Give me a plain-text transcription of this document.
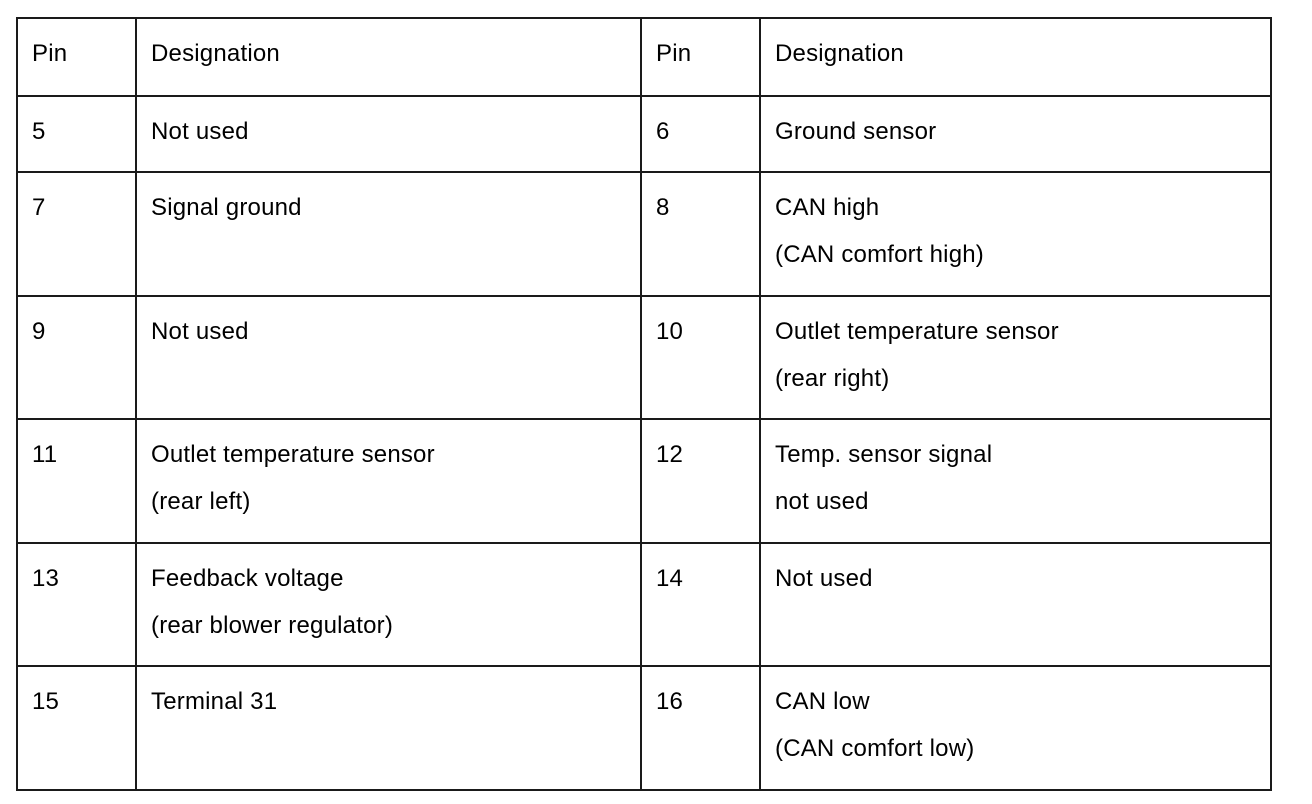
Pin	Designation	Pin	Designation

5	Not used	6	Ground sensor

7	Signal ground	8	CAN high
(CAN comfort high)

9	Not used	10	Outlet temperature sensor
(rear right)

11	Outlet temperature sensor
(rear left)	12	Temp. sensor signal
not used

13	Feedback voltage
(rear blower regulator)	14	Not used

15	Terminal 31	16	CAN low
(CAN comfort low)
